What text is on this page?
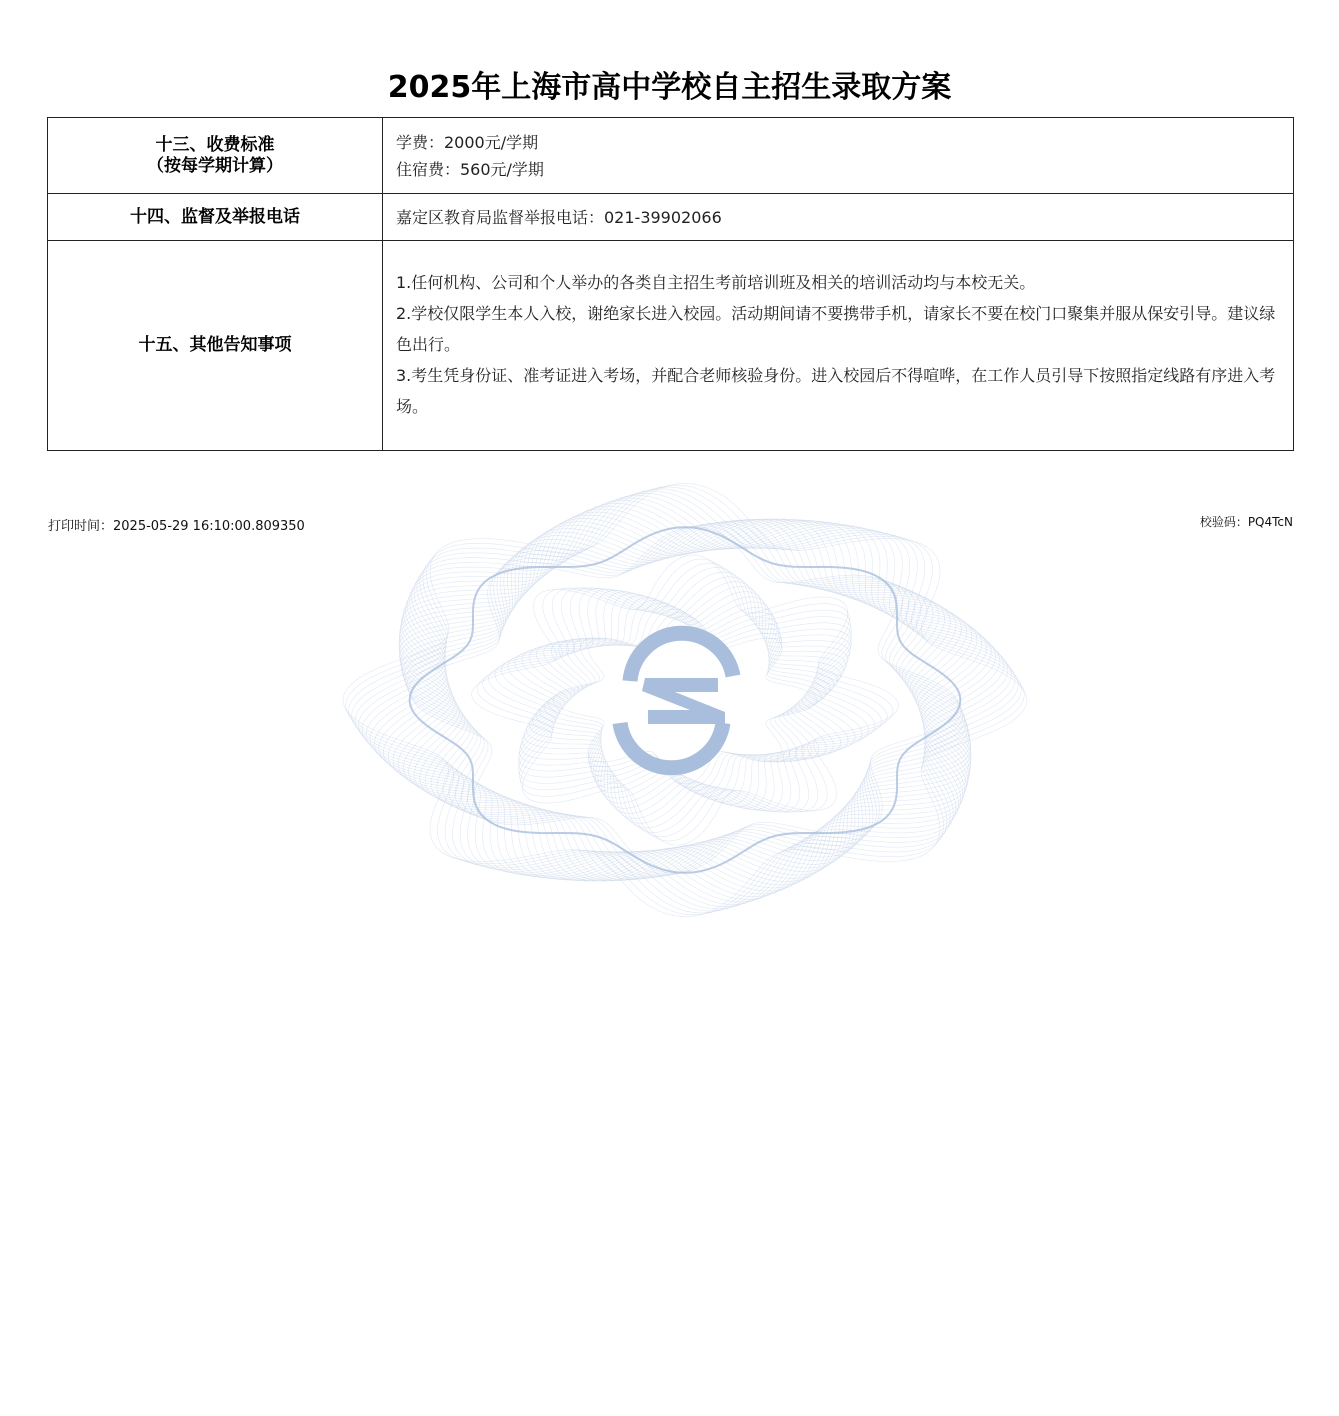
2025年上海市高中学校自主招生录取方案
十三、收费标准
（按每学期计算）	学费：2000元/学期
住宿费：560元/学期

十四、监督及举报电话	嘉定区教育局监督举报电话：021-39902066

十五、其他告知事项	1.任何机构、公司和个人举办的各类自主招生考前培训班及相关的培训活动均与本校无关。
2.学校仅限学生本人入校，谢绝家长进入校园。活动期间请不要携带手机，请家长不要在校门口聚集并服从保安引导。建议绿色出行。
3.考生凭身份证、准考证进入考场，并配合老师核验身份。进入校园后不得喧哗，在工作人员引导下按照指定线路有序进入考场。
打印时间：2025-05-29 16:10:00.809350	校验码：PQ4TcN
